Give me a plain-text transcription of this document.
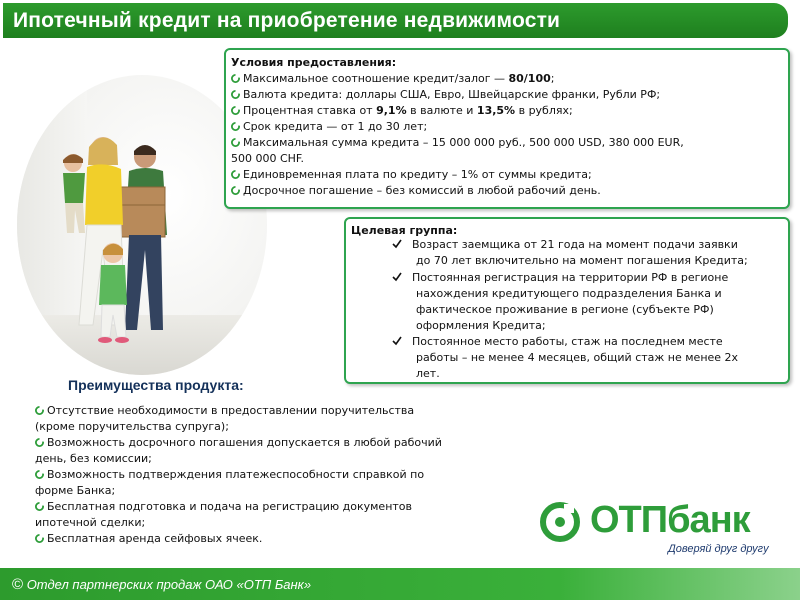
Ипотечный кредит на приобретение недвижимости
Условия предоставления:
Максимальное соотношение кредит/залог — 80/100;
Валюта кредита: доллары США, Евро, Швейцарские франки, Рубли РФ;
Процентная ставка от 9,1% в валюте и 13,5% в рублях;
Срок кредита — от 1 до 30 лет;
Максимальная сумма кредита – 15 000 000 руб., 500 000 USD, 380 000 EUR,
500 000 CHF.
Единовременная плата по кредиту – 1% от суммы кредита;
Досрочное погашение – без комиссий в любой рабочий день.
Целевая группа:
Возраст заемщика от 21 года на момент подачи заявки
до 70 лет включительно на момент погашения Кредита;
Постоянная регистрация на территории РФ в регионе
нахождения кредитующего подразделения Банка и
фактическое проживание в регионе (субъекте РФ)
оформления Кредита;
Постоянное место работы, стаж на последнем месте
работы – не менее 4 месяцев, общий стаж не менее 2х
лет.
Преимущества продукта:
Отсутствие необходимости в предоставлении поручительства
(кроме поручительства супруга);
Возможность досрочного погашения допускается в любой рабочий
день, без комиссии;
Возможность подтверждения платежеспособности справкой по
форме Банка;
Бесплатная подготовка и подача на регистрацию документов
ипотечной сделки;
Бесплатная аренда сейфовых ячеек.	ОТПбанк
Доверяй друг другу
© Отдел партнерских продаж ОАО «ОТП Банк»
